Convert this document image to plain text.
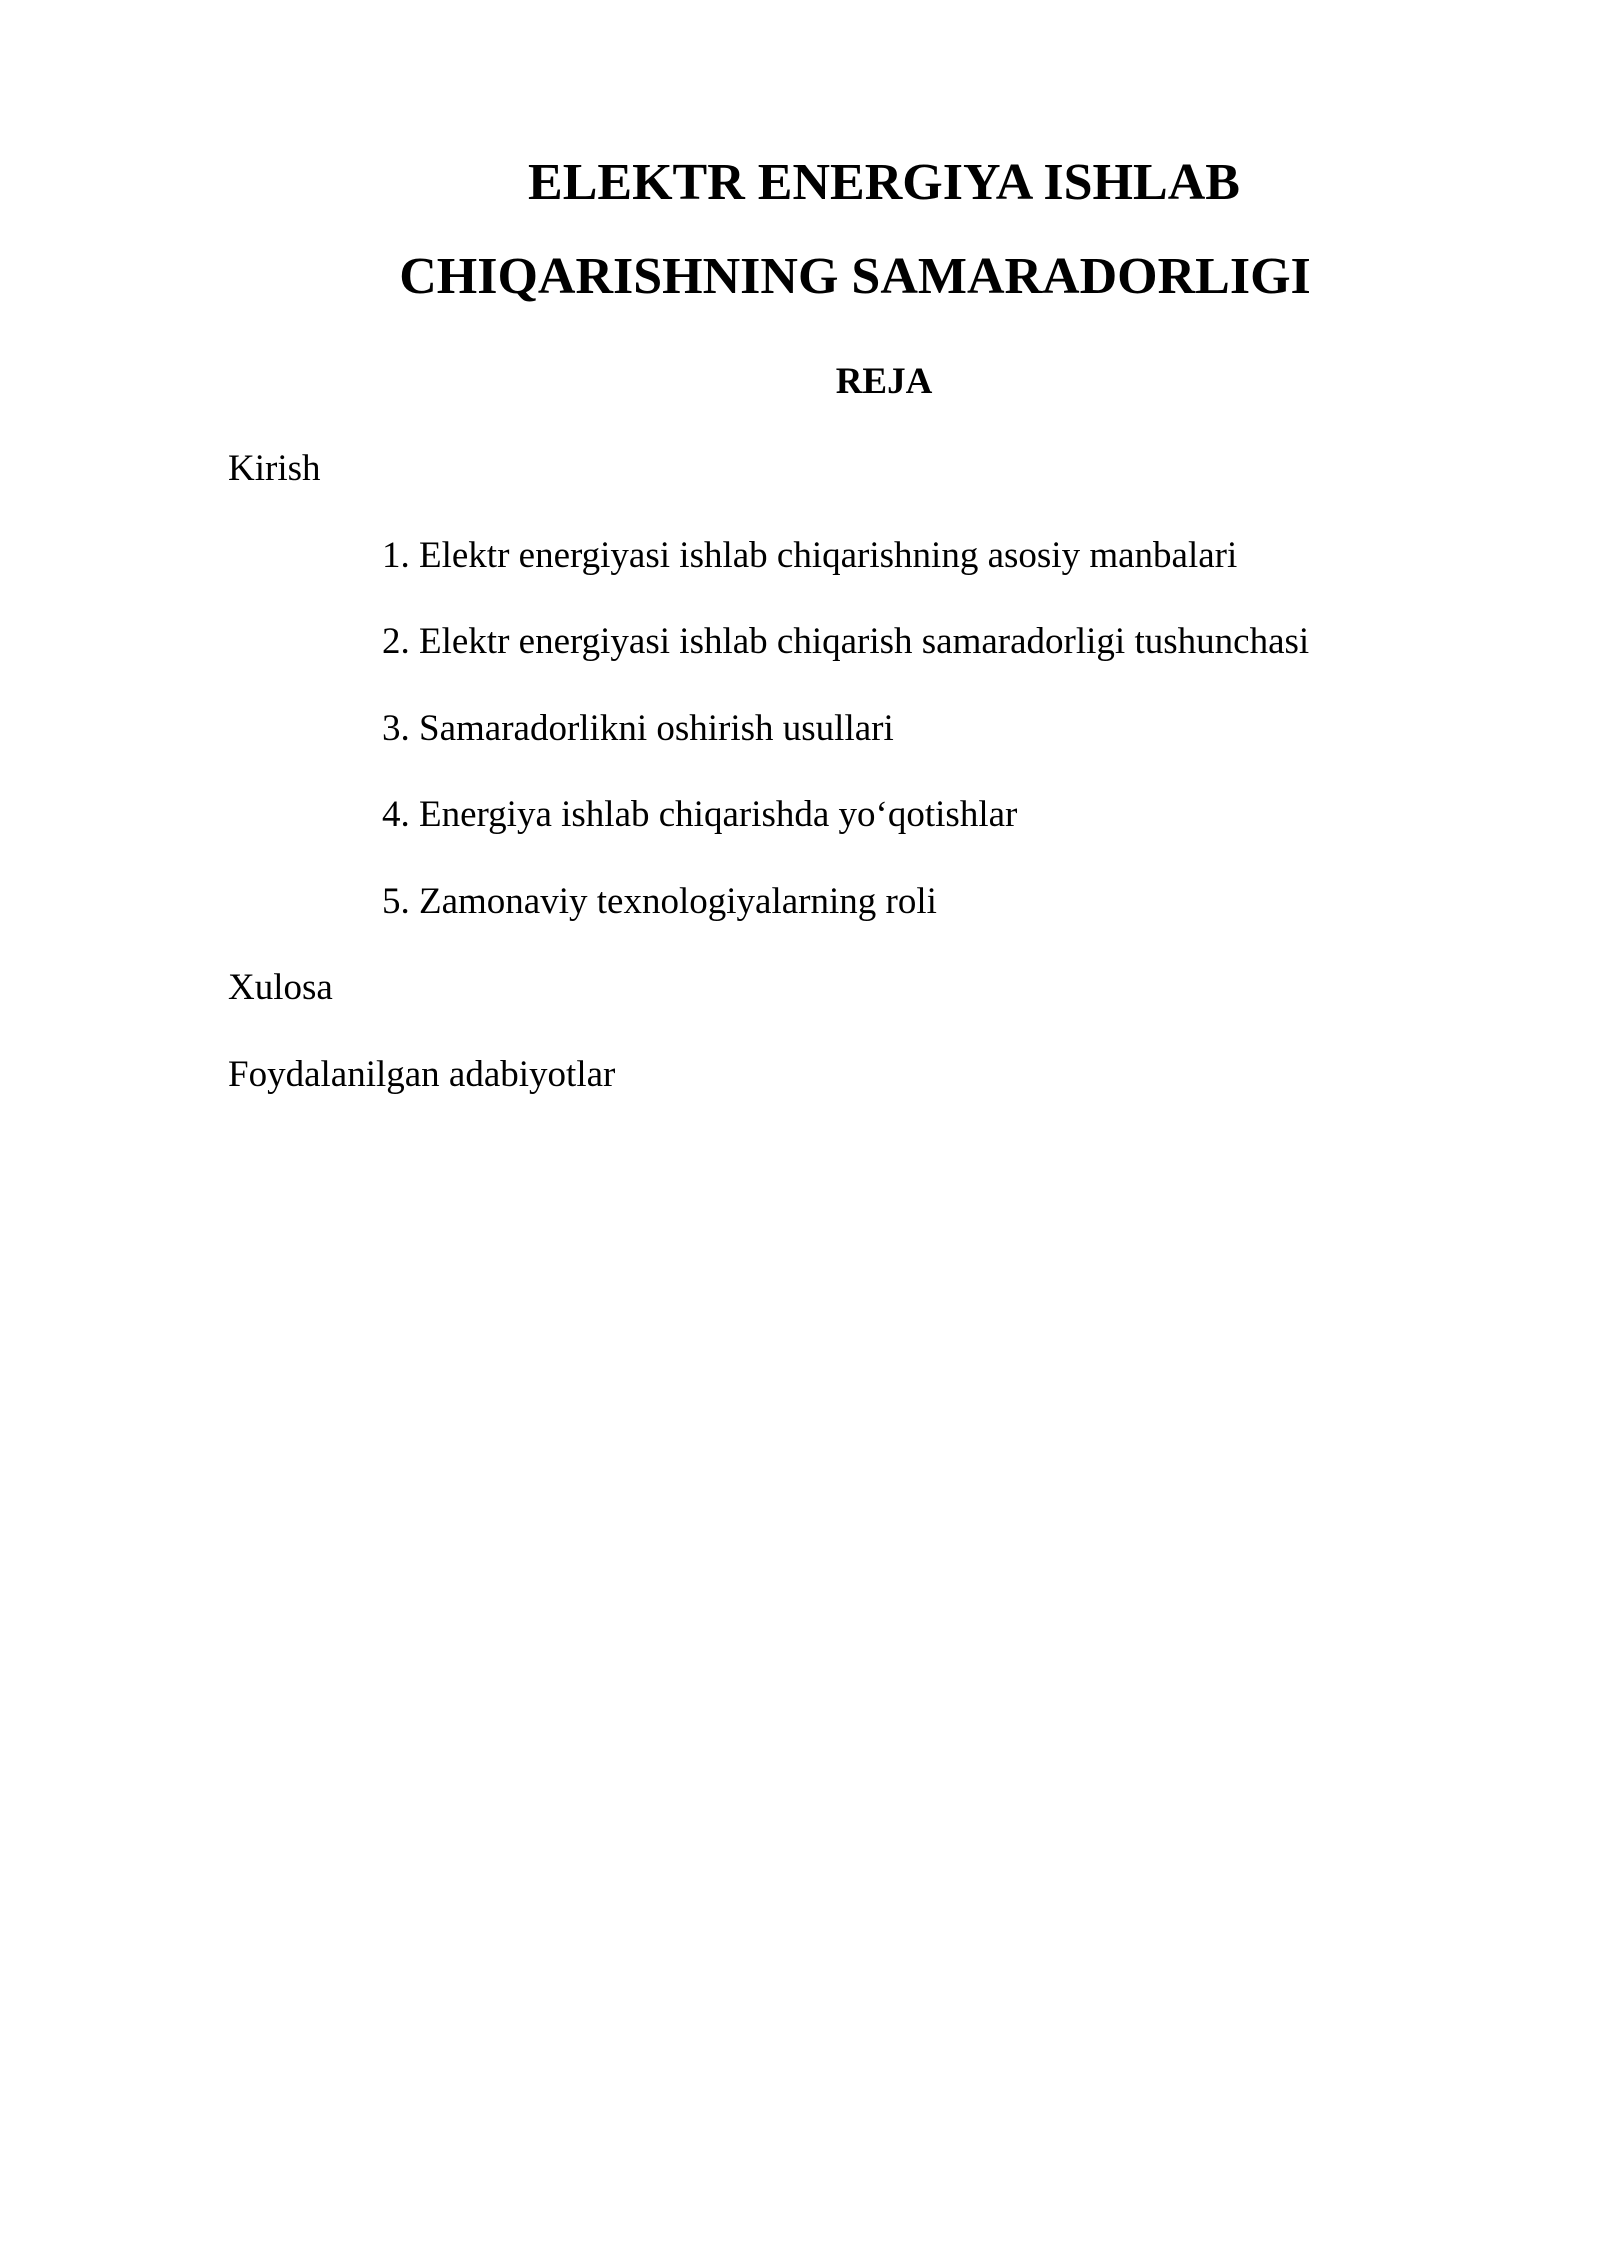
ELEKTR ENERGIYA ISHLAB
CHIQARISHNING SAMARADORLIGI
REJA
Kirish
1. Elektr energiyasi ishlab chiqarishning asosiy manbalari
2. Elektr energiyasi ishlab chiqarish samaradorligi tushunchasi
3. Samaradorlikni oshirish usullari
4. Energiya ishlab chiqarishda yo‘qotishlar
5. Zamonaviy texnologiyalarning roli
Xulosa
Foydalanilgan adabiyotlar
